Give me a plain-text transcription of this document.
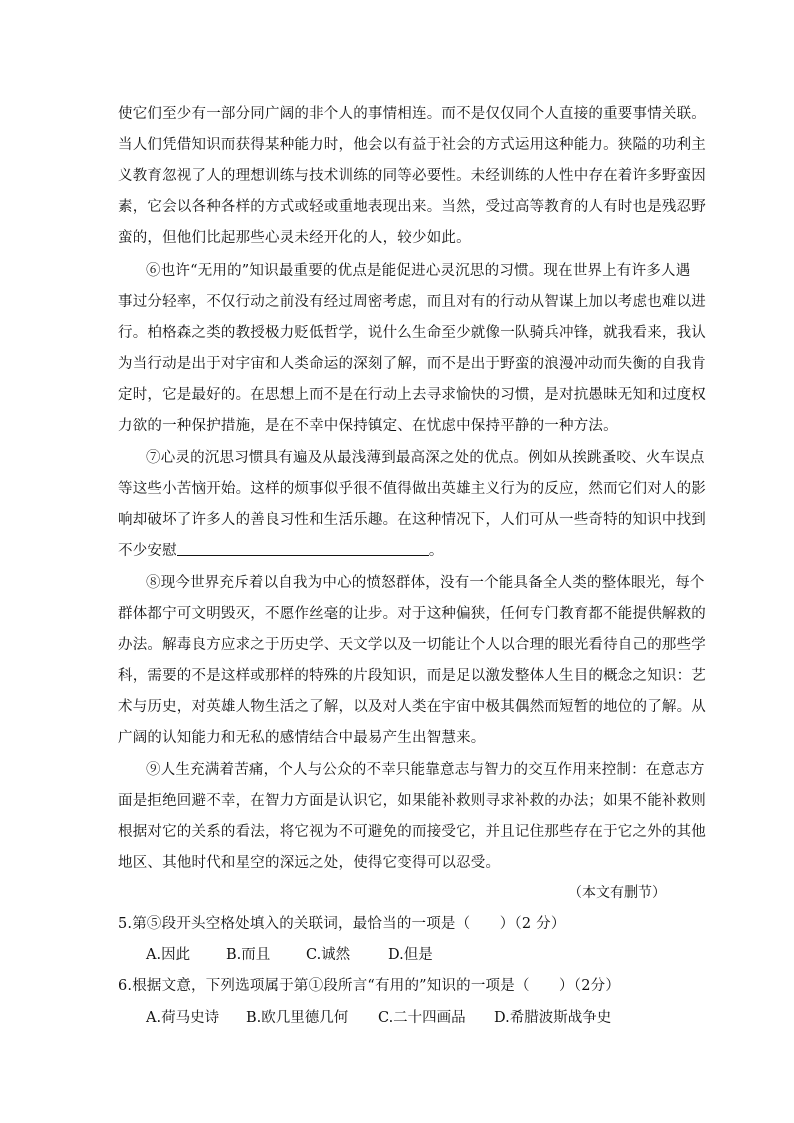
使它们至少有一部分同广阔的非个人的事情相连。而不是仅仅同个人直接的重要事情关联。
当人们凭借知识而获得某种能力时，他会以有益于社会的方式运用这种能力。狭隘的功利主
义教育忽视了人的理想训练与技术训练的同等必要性。未经训练的人性中存在着许多野蛮因
素，它会以各种各样的方式或轻或重地表现出来。当然，受过高等教育的人有时也是残忍野
蛮的，但他们比起那些心灵未经开化的人，较少如此。
⑥也许“无用的”知识最重要的优点是能促进心灵沉思的习惯。现在世界上有许多人遇
事过分轻率，不仅行动之前没有经过周密考虑，而且对有的行动从智谋上加以考虑也难以进
行。柏格森之类的教授极力贬低哲学，说什么生命至少就像一队骑兵冲锋，就我看来，我认
为当行动是出于对宇宙和人类命运的深刻了解，而不是出于野蛮的浪漫冲动而失衡的自我肯
定时，它是最好的。在思想上而不是在行动上去寻求愉快的习惯，是对抗愚昧无知和过度权
力欲的一种保护措施，是在不幸中保持镇定、在忧虑中保持平静的一种方法。
⑦心灵的沉思习惯具有遍及从最浅薄到最高深之处的优点。例如从挨跳蚤咬、火车误点
等这些小苦恼开始。这样的烦事似乎很不值得做出英雄主义行为的反应，然而它们对人的影
响却破坏了许多人的善良习性和生活乐趣。在这种情况下，人们可从一些奇特的知识中找到
不少安慰	。
⑧现今世界充斥着以自我为中心的愤怒群体，没有一个能具备全人类的整体眼光，每个
群体都宁可文明毁灭，不愿作丝毫的让步。对于这种偏狭，任何专门教育都不能提供解救的
办法。解毒良方应求之于历史学、天文学以及一切能让个人以合理的眼光看待自己的那些学
科，需要的不是这样或那样的特殊的片段知识，而是足以激发整体人生目的概念之知识：艺
术与历史，对英雄人物生活之了解，以及对人类在宇宙中极其偶然而短暂的地位的了解。从
广阔的认知能力和无私的感情结合中最易产生出智慧来。
⑨人生充满着苦痛，个人与公众的不幸只能靠意志与智力的交互作用来控制：在意志方
面是拒绝回避不幸，在智力方面是认识它，如果能补救则寻求补救的办法；如果不能补救则
根据对它的关系的看法，将它视为不可避免的而接受它，并且记住那些存在于它之外的其他
地区、其他时代和星空的深远之处，使得它变得可以忍受。
（本文有删节）
5.第⑤段开头空格处填入的关联词，最恰当的一项是（　　）（2 分）
A.因此 B.而且 C.诚然	D.但是
6.根据文意，下列选项属于第①段所言“有用的”知识的一项是（　　）（2分）
A.荷马史诗 B.欧几里德几何 C.二十四画品 D.希腊波斯战争史
